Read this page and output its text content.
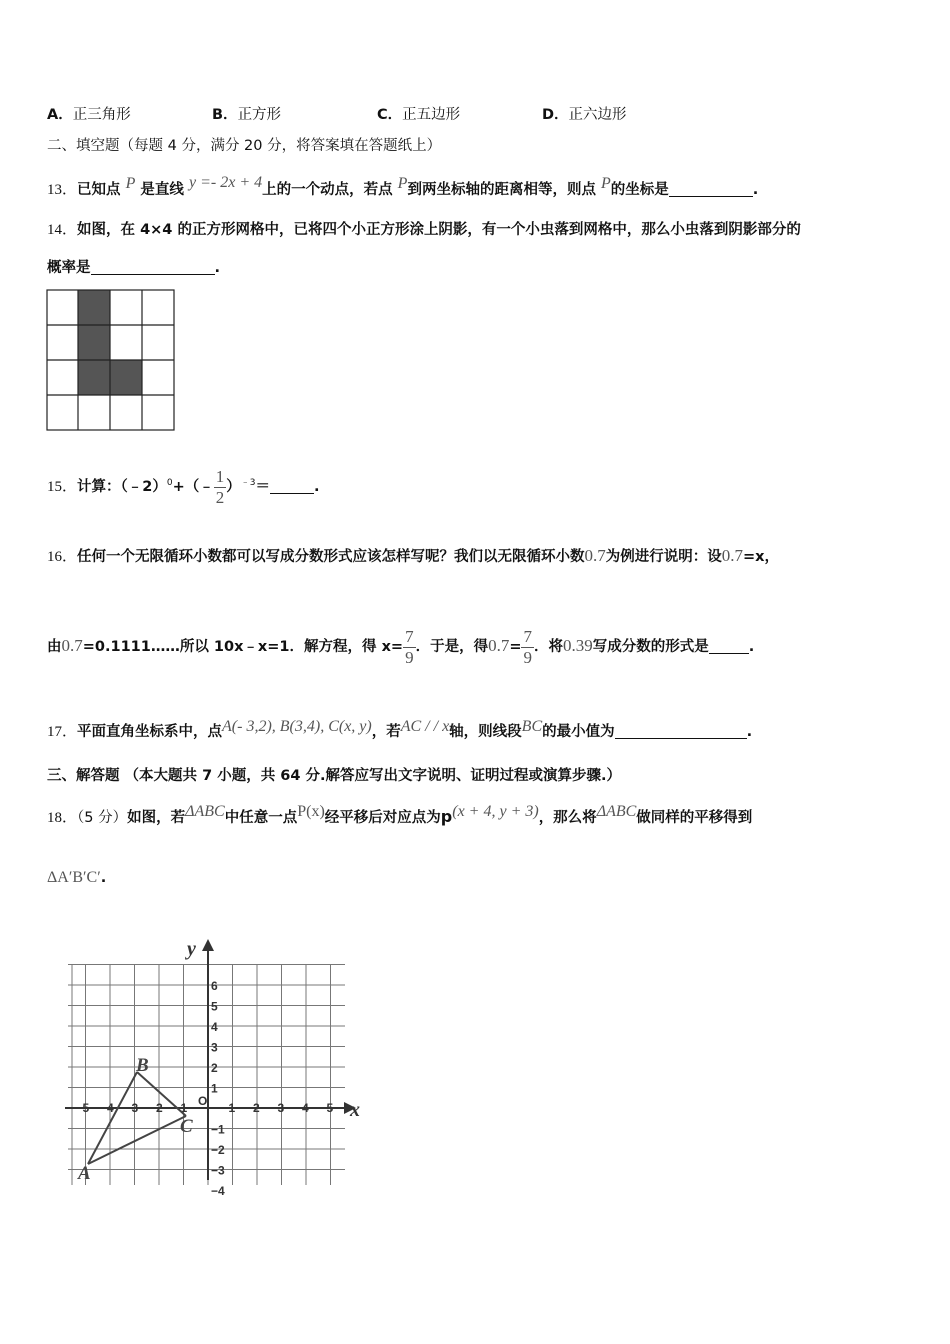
A．正三角形	B．正方形	C．正五边形	D．正六边形
二、填空题（每题 4 分，满分 20 分，将答案填在答题纸上）
13．已知点 P 是直线 y =- 2x + 4上的一个动点，若点 P到两坐标轴的距离相等，则点 P的坐标是	.
14．如图，在 4×4 的正方形网格中，已将四个小正方形涂上阴影，有一个小虫落到网格中，那么小虫落到阴影部分的
概率是	.
15．计算：（﹣2）$^0$+（﹣ $\frac{1}{2} )^{﹣3}=$	.
16．任何一个无限循环小数都可以写成分数形式应该怎样写呢？我们以无限循环小数0.7为例进行说明：设0.7=x，
由0.7=0.1111……所以 10x﹣x=1．解方程，得 $x= \frac{7}{9}$ ．于是，得$0.7= \frac{7}{9}$ ．将0.39写成分数的形式是	.
17．平面直角坐标系中，点A(- 3,2), B(3,4), C(x, y)，若AC / / x轴，则线段BC的最小值为	.
三、解答题 （本大题共 7 小题，共 64 分.解答应写出文字说明、证明过程或演算步骤.）
18．（5 分）如图，若ΔABC中任意一点P(x)经平移后对应点为p(x + 4, y + 3)，那么将ΔABC做同样的平移得到
ΔA′B′C′.
x
y
O
−5 −4 −3 −2 −1	1 2 3 4 5
1
2
3
4
5
6
−1
−2
−3
−4
A
B
C
